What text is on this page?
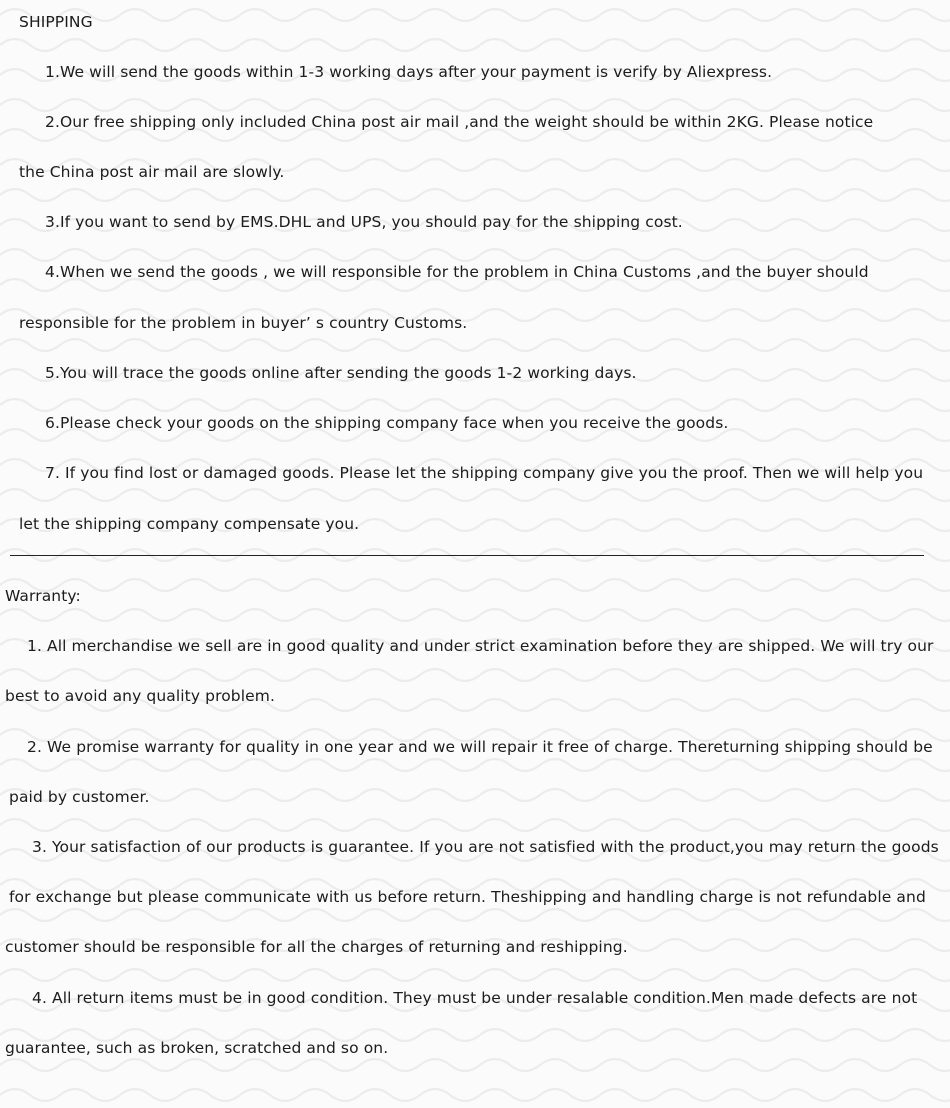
SHIPPING
1.We will send the goods within 1-3 working days after your payment is verify by Aliexpress.
2.Our free shipping only included China post air mail ,and the weight should be within 2KG. Please notice
the China post air mail are slowly.
3.If you want to send by EMS.DHL and UPS, you should pay for the shipping cost.
4.When we send the goods , we will responsible for the problem in China Customs ,and the buyer should
responsible for the problem in buyer’ s country Customs.
5.You will trace the goods online after sending the goods 1-2 working days.
6.Please check your goods on the shipping company face when you receive the goods.
7. If you find lost or damaged goods. Please let the shipping company give you the proof. Then we will help you
let the shipping company compensate you.
Warranty:
1. All merchandise we sell are in good quality and under strict examination before they are shipped. We will try our
best to avoid any quality problem.
2. We promise warranty for quality in one year and we will repair it free of charge. Thereturning shipping should be
paid by customer.
3. Your satisfaction of our products is guarantee. If you are not satisfied with the product,you may return the goods
for exchange but please communicate with us before return. Theshipping and handling charge is not refundable and
customer should be responsible for all the charges of returning and reshipping.
4. All return items must be in good condition. They must be under resalable condition.Men made defects are not
guarantee, such as broken, scratched and so on.
